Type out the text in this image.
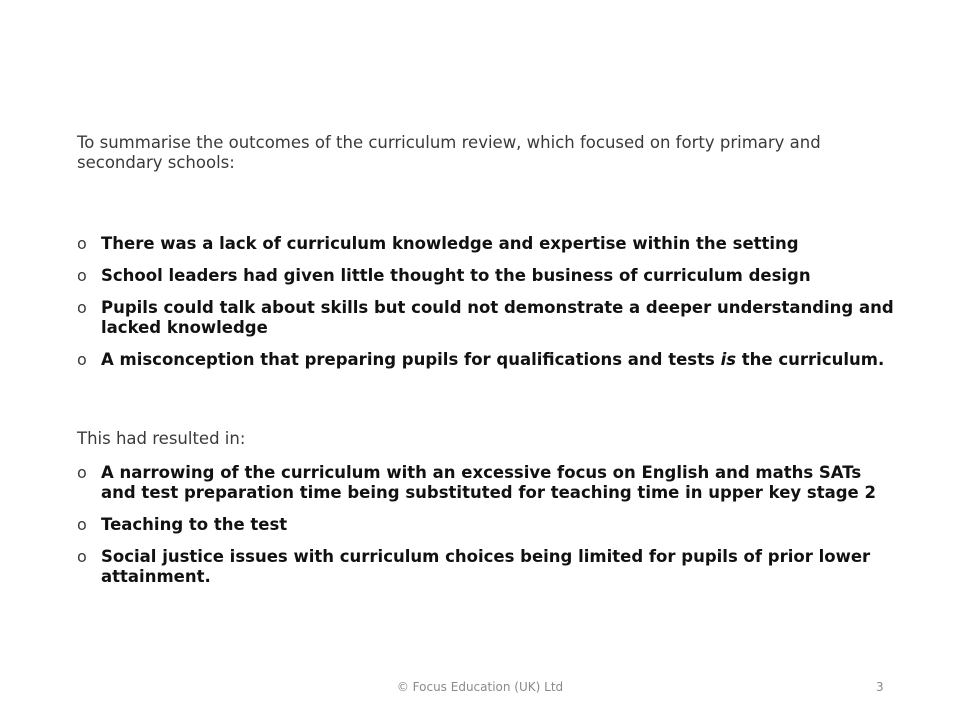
To summarise the outcomes of the curriculum review, which focused on forty primary and secondary schools:

o There was a lack of curriculum knowledge and expertise within the setting
o School leaders had given little thought to the business of curriculum design
o Pupils could talk about skills but could not demonstrate a deeper understanding and lacked knowledge
o A misconception that preparing pupils for qualifications and tests is the curriculum.
This had resulted in:
o A narrowing of the curriculum with an excessive focus on English and maths SATs and test preparation time being substituted for teaching time in upper key stage 2
o Teaching to the test
o Social justice issues with curriculum choices being limited for pupils of prior lower attainment.
© Focus Education (UK) Ltd	3
